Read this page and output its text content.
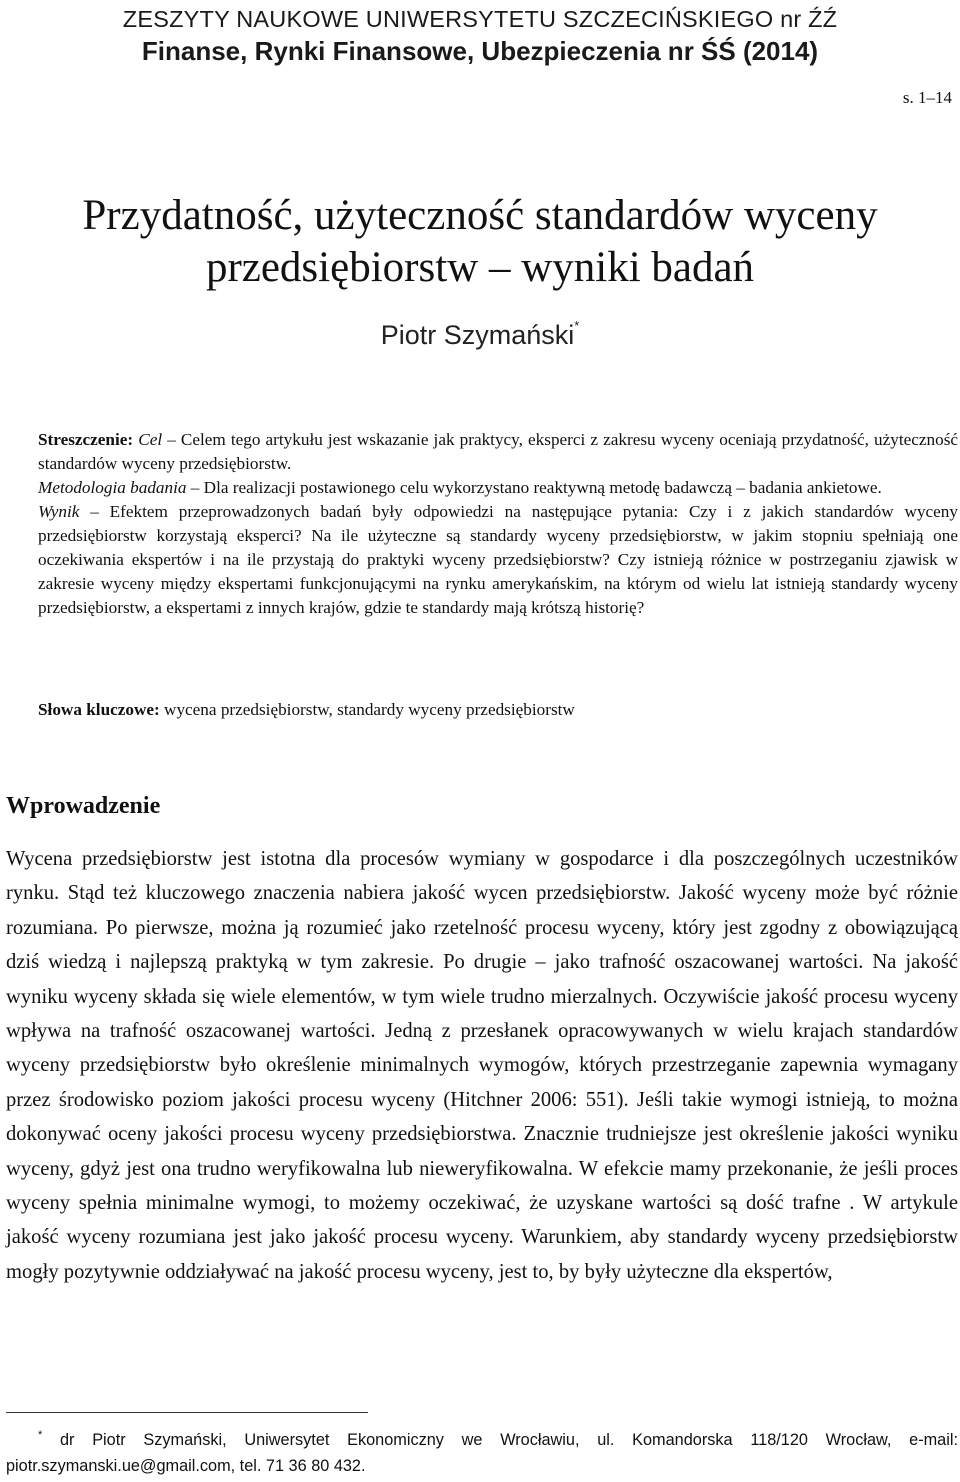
ZESZYTY NAUKOWE UNIWERSYTETU SZCZECIŃSKIEGO nr ŹŹ
Finanse, Rynki Finansowe, Ubezpieczenia nr ŚŚ (2014)
s. 1–14
Przydatność, użyteczność standardów wyceny
przedsiębiorstw – wyniki badań
Piotr Szymański*

Streszczenie: Cel – Celem tego artykułu jest wskazanie jak praktycy, eksperci z zakresu wyceny oceniają przydatność, użyteczność standardów wyceny przedsiębiorstw.

Metodologia badania – Dla realizacji postawionego celu wykorzystano reaktywną metodę badawczą – badania ankietowe.

Wynik – Efektem przeprowadzonych badań były odpowiedzi na następujące pytania: Czy i z jakich standardów wyceny przedsiębiorstw korzystają eksperci? Na ile użyteczne są standardy wyceny przedsiębiorstw, w jakim stopniu spełniają one oczekiwania ekspertów i na ile przystają do praktyki wyceny przedsiębiorstw? Czy istnieją różnice w postrzeganiu zjawisk w zakresie wyceny między ekspertami funkcjonującymi na rynku amerykańskim, na którym od wielu lat istnieją standardy wyceny przedsiębiorstw, a ekspertami z innych krajów, gdzie te standardy mają krótszą historię?

Słowa kluczowe: wycena przedsiębiorstw, standardy wyceny przedsiębiorstw
Wprowadzenie

Wycena przedsiębiorstw jest istotna dla procesów wymiany w gospodarce i dla poszczególnych uczestników rynku. Stąd też kluczowego znaczenia nabiera jakość wycen przedsiębiorstw. Jakość wyceny może być różnie rozumiana. Po pierwsze, można ją rozumieć jako rzetelność procesu wyceny, który jest zgodny z obowiązującą dziś wiedzą i najlepszą praktyką w tym zakresie. Po drugie – jako trafność oszacowanej wartości. Na jakość wyniku wyceny składa się wiele elementów, w tym wiele trudno mierzalnych. Oczywiście jakość procesu wyceny wpływa na trafność oszacowanej wartości. Jedną z przesłanek opracowywanych w wielu krajach standardów wyceny przedsiębiorstw było określenie minimalnych wymogów, których przestrzeganie zapewnia wymagany przez środowisko poziom jakości procesu wyceny (Hitchner 2006: 551). Jeśli takie wymogi istnieją, to można dokonywać oceny jakości procesu wyceny przedsiębiorstwa. Znacznie trudniejsze jest określenie jakości wyniku wyceny, gdyż jest ona trudno weryfikowalna lub nieweryfikowalna. W efekcie mamy przekonanie, że jeśli proces wyceny spełnia minimalne wymogi, to możemy oczekiwać, że uzyskane wartości są dość trafne . W artykule jakość wyceny rozumiana jest jako jakość procesu wyceny. Warunkiem, aby standardy wyceny przedsiębiorstw mogły pozytywnie oddziaływać na jakość procesu wyceny, jest to, by były użyteczne dla ekspertów,

* dr Piotr Szymański, Uniwersytet Ekonomiczny we Wrocławiu, ul. Komandorska 118/120 Wrocław, e-mail: piotr.szymanski.ue@gmail.com, tel. 71 36 80 432.
